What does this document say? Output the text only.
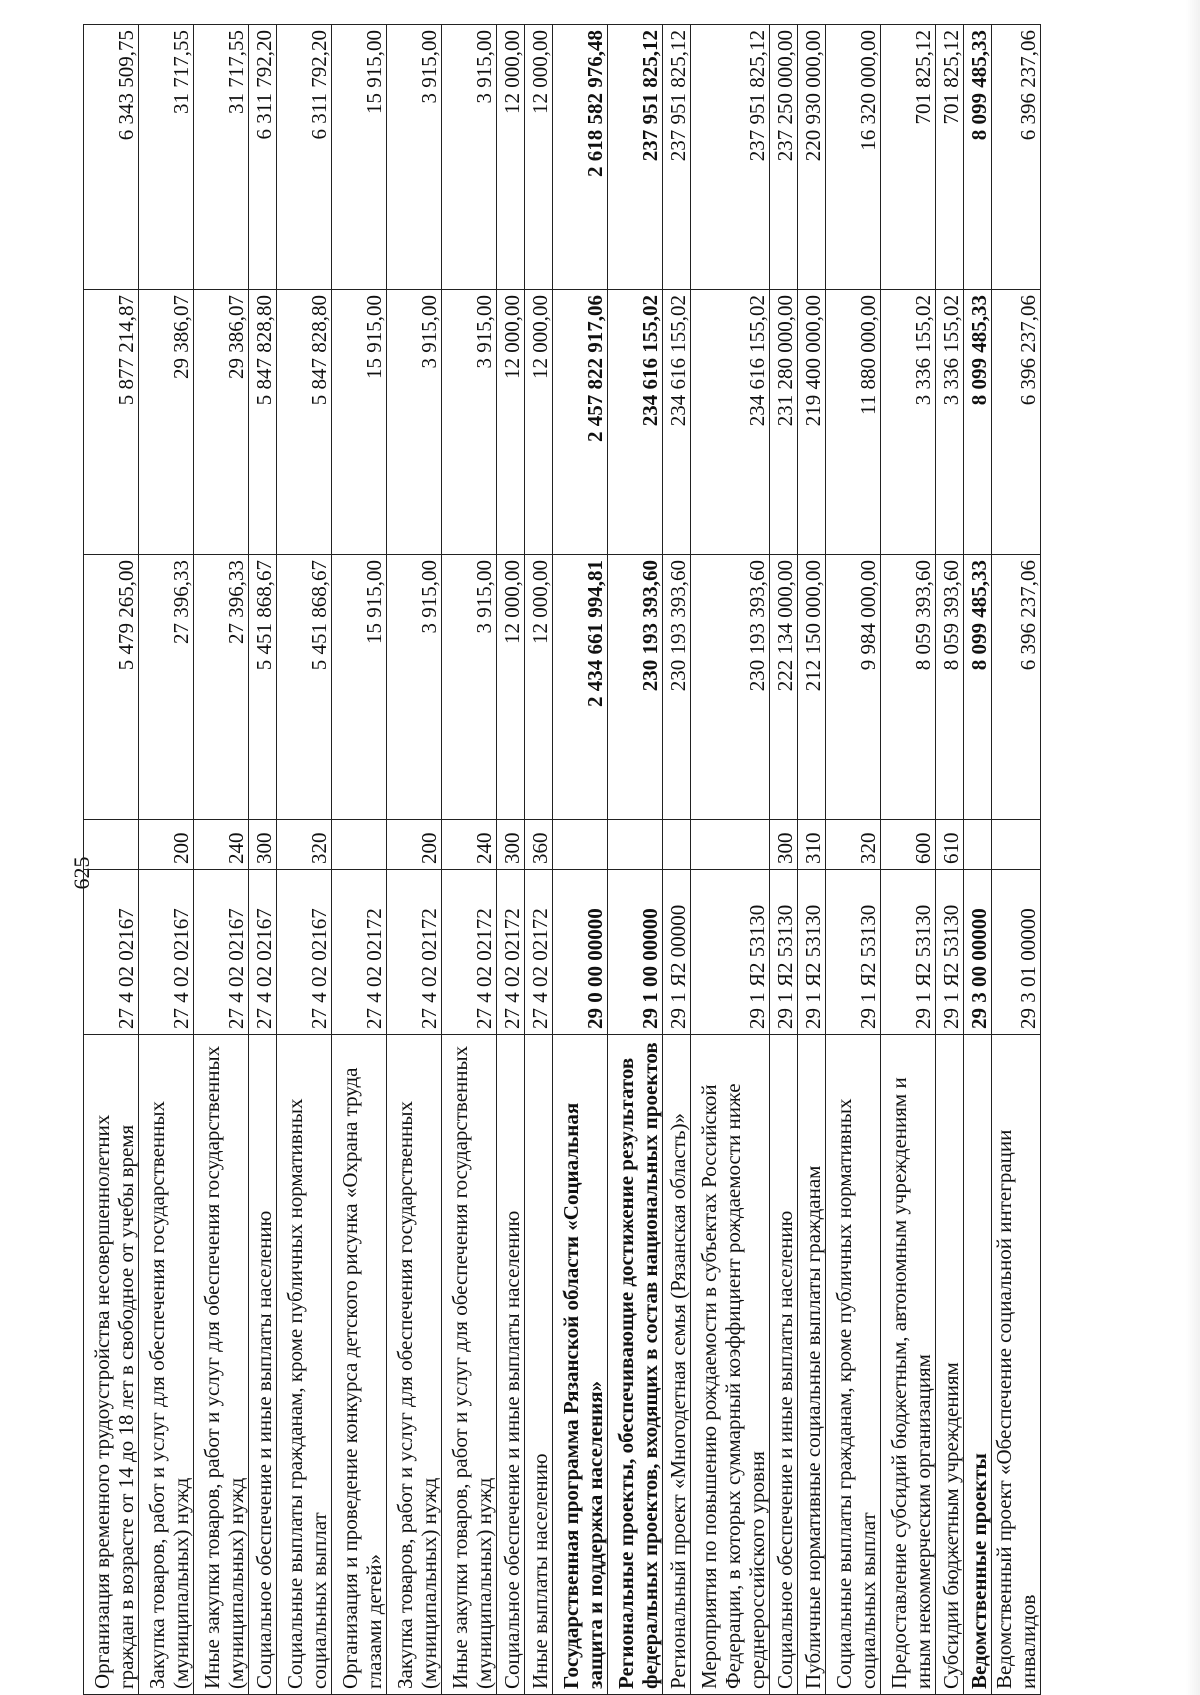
625
Организация временного трудоустройства несовершеннолетних граждан в возрасте от 14 до 18 лет в свободное от учебы время	27 4 02 02167		5 479 265,00	5 877 214,87	6 343 509,75
Закупка товаров, работ и услуг для обеспечения государственных (муниципальных) нужд	27 4 02 02167	200	27 396,33	29 386,07	31 717,55
Иные закупки товаров, работ и услуг для обеспечения государственных (муниципальных) нужд	27 4 02 02167	240	27 396,33	29 386,07	31 717,55
Социальное обеспечение и иные выплаты населению	27 4 02 02167	300	5 451 868,67	5 847 828,80	6 311 792,20
Социальные выплаты гражданам, кроме публичных нормативных социальных выплат	27 4 02 02167	320	5 451 868,67	5 847 828,80	6 311 792,20
Организация и проведение конкурса детского рисунка «Охрана труда глазами детей»	27 4 02 02172		15 915,00	15 915,00	15 915,00
Закупка товаров, работ и услуг для обеспечения государственных (муниципальных) нужд	27 4 02 02172	200	3 915,00	3 915,00	3 915,00
Иные закупки товаров, работ и услуг для обеспечения государственных (муниципальных) нужд	27 4 02 02172	240	3 915,00	3 915,00	3 915,00
Социальное обеспечение и иные выплаты населению	27 4 02 02172	300	12 000,00	12 000,00	12 000,00
Иные выплаты населению	27 4 02 02172	360	12 000,00	12 000,00	12 000,00
Государственная программа Рязанской области «Социальная защита и поддержка населения»	29 0 00 00000		2 434 661 994,81	2 457 822 917,06	2 618 582 976,48
Региональные проекты, обеспечивающие достижение результатов федеральных проектов, входящих в состав национальных проектов	29 1 00 00000		230 193 393,60	234 616 155,02	237 951 825,12
Региональный проект «Многодетная семья (Рязанская область)»	29 1 Я2 00000		230 193 393,60	234 616 155,02	237 951 825,12
Мероприятия по повышению рождаемости в субъектах Российской Федерации, в которых суммарный коэффициент рождаемости ниже среднероссийского уровня	29 1 Я2 53130		230 193 393,60	234 616 155,02	237 951 825,12
Социальное обеспечение и иные выплаты населению	29 1 Я2 53130	300	222 134 000,00	231 280 000,00	237 250 000,00
Публичные нормативные социальные выплаты гражданам	29 1 Я2 53130	310	212 150 000,00	219 400 000,00	220 930 000,00
Социальные выплаты гражданам, кроме публичных нормативных социальных выплат	29 1 Я2 53130	320	9 984 000,00	11 880 000,00	16 320 000,00
Предоставление субсидий бюджетным, автономным учреждениям и иным некоммерческим организациям	29 1 Я2 53130	600	8 059 393,60	3 336 155,02	701 825,12
Субсидии бюджетным учреждениям	29 1 Я2 53130	610	8 059 393,60	3 336 155,02	701 825,12
Ведомственные проекты	29 3 00 00000		8 099 485,33	8 099 485,33	8 099 485,33
Ведомственный проект «Обеспечение социальной интеграции инвалидов	29 3 01 00000		6 396 237,06	6 396 237,06	6 396 237,06
